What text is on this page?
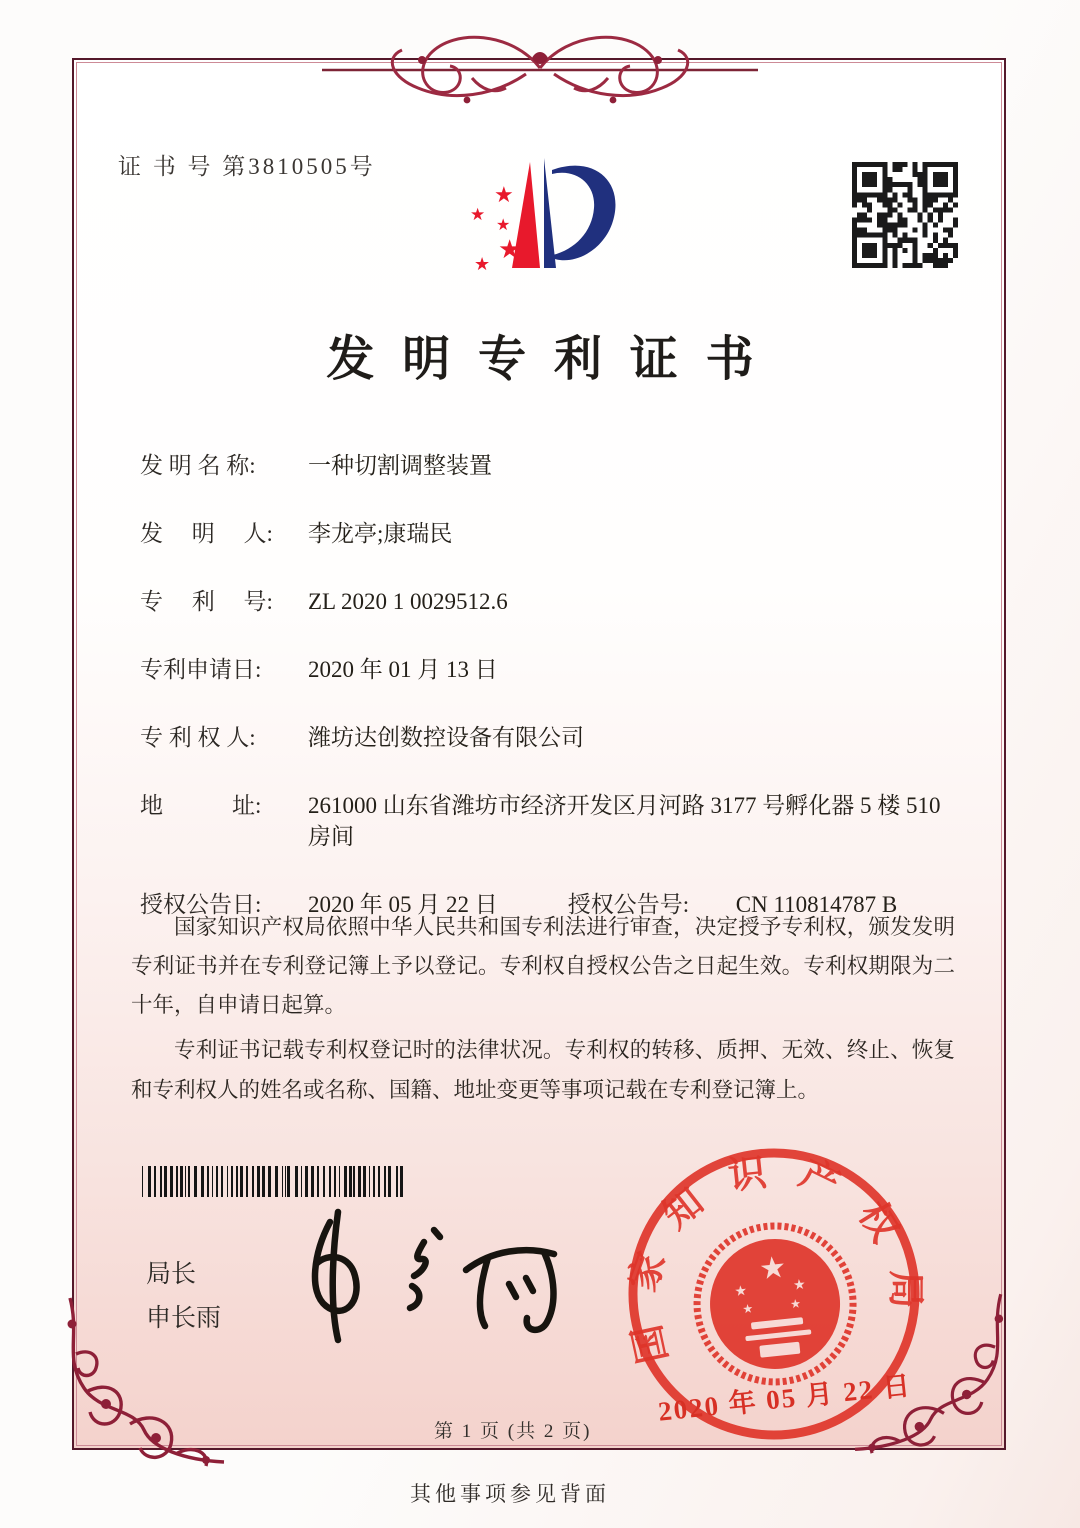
证 书 号 第3810505号
★
★ ★
★
★
发明专利证书
发 明 名 称:	一种切割调整装置
发　 明　 人:	李龙亭;康瑞民
专　 利　 号:	ZL 2020 1 0029512.6
专利申请日:	2020 年 01 月 13 日
专 利 权 人:	潍坊达创数控设备有限公司
地　　　址:	261000 山东省潍坊市经济开发区月河路 3177 号孵化器 5 楼 510 房间
授权公告日:	2020 年 05 月 22 日	授权公告号:	CN 110814787 B

国家知识产权局依照中华人民共和国专利法进行审查，决定授予专利权，颁发发明专利证书并在专利登记簿上予以登记。专利权自授权公告之日起生效。专利权期限为二十年，自申请日起算。

专利证书记载专利权登记时的法律状况。专利权的转移、质押、无效、终止、恢复和专利权人的姓名或名称、国籍、地址变更等事项记载在专利登记簿上。

局长
申长雨	国家知识产权局
★
★	★
★	★
2020 年 05 月 22 日
第 1 页 (共 2 页)
其他事项参见背面
